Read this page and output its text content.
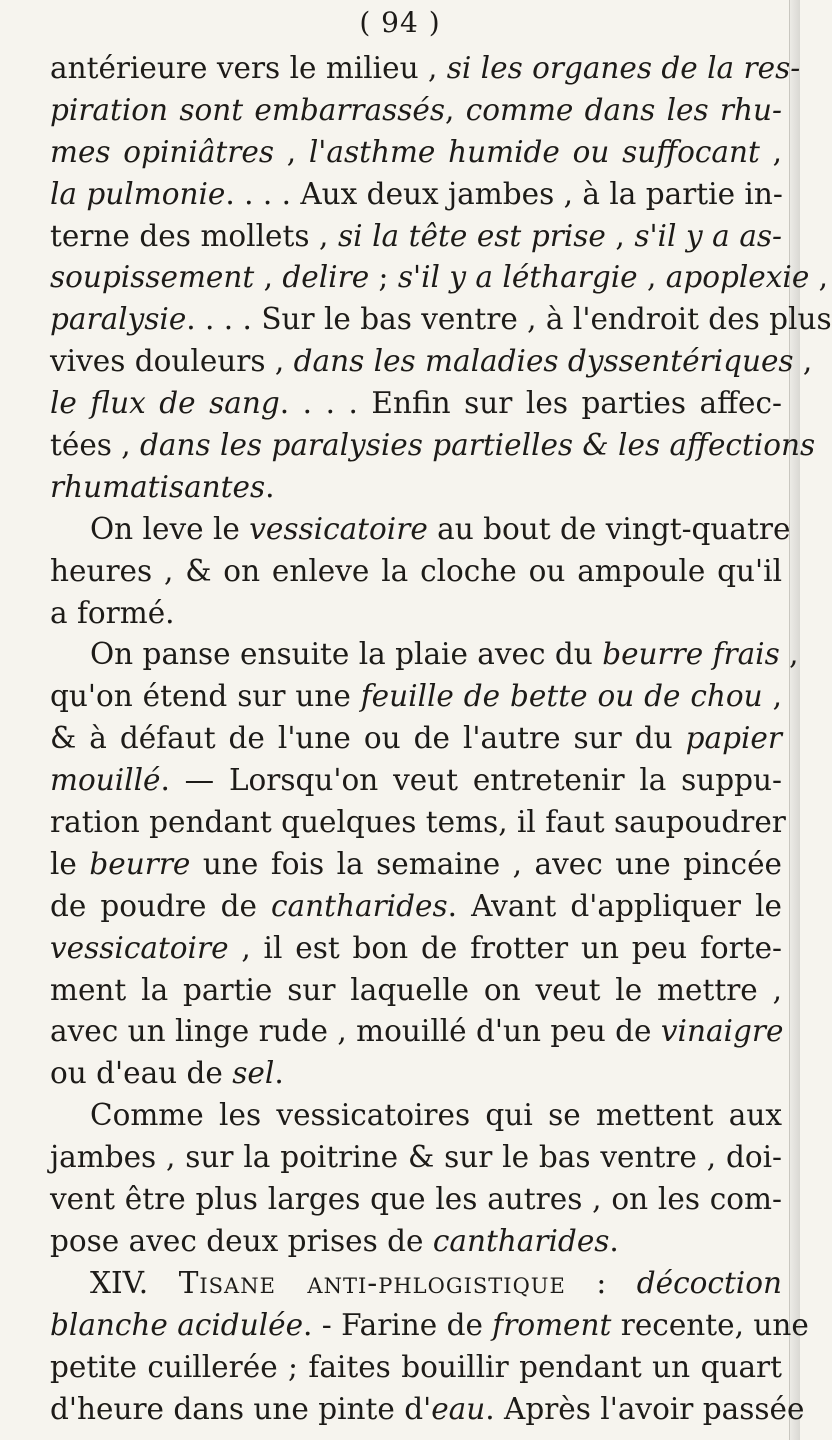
( 94 )
antérieure vers le milieu , si les organes de la res-
piration sont embarrassés, comme dans les rhu-
mes opiniâtres , l'asthme humide ou suffocant ,
la pulmonie. . . . Aux deux jambes , à la partie in-
terne des mollets , si la tête est prise , s'il y a as-
soupissement , delire ; s'il y a léthargie , apoplexie ,
paralysie. . . . Sur le bas ventre , à l'endroit des plus
vives douleurs , dans les maladies dyssentériques ,
le flux de sang. . . . Enfin sur les parties affec-
tées , dans les paralysies partielles & les affections
rhumatisantes.
On leve le vessicatoire au bout de vingt-quatre
heures , & on enleve la cloche ou ampoule qu'il
a formé.
On panse ensuite la plaie avec du beurre frais ,
qu'on étend sur une feuille de bette ou de chou ,
& à défaut de l'une ou de l'autre sur du papier
mouillé. — Lorsqu'on veut entretenir la suppu-
ration pendant quelques tems, il faut saupoudrer
le beurre une fois la semaine , avec une pincée
de poudre de cantharides. Avant d'appliquer le
vessicatoire , il est bon de frotter un peu forte-
ment la partie sur laquelle on veut le mettre ,
avec un linge rude , mouillé d'un peu de vinaigre
ou d'eau de sel.
Comme les vessicatoires qui se mettent aux
jambes , sur la poitrine & sur le bas ventre , doi-
vent être plus larges que les autres , on les com-
pose avec deux prises de cantharides.
XIV. Tisane anti-phlogistique : décoction
blanche acidulée. - Farine de froment recente, une
petite cuillerée ; faites bouillir pendant un quart
d'heure dans une pinte d'eau. Après l'avoir passée
